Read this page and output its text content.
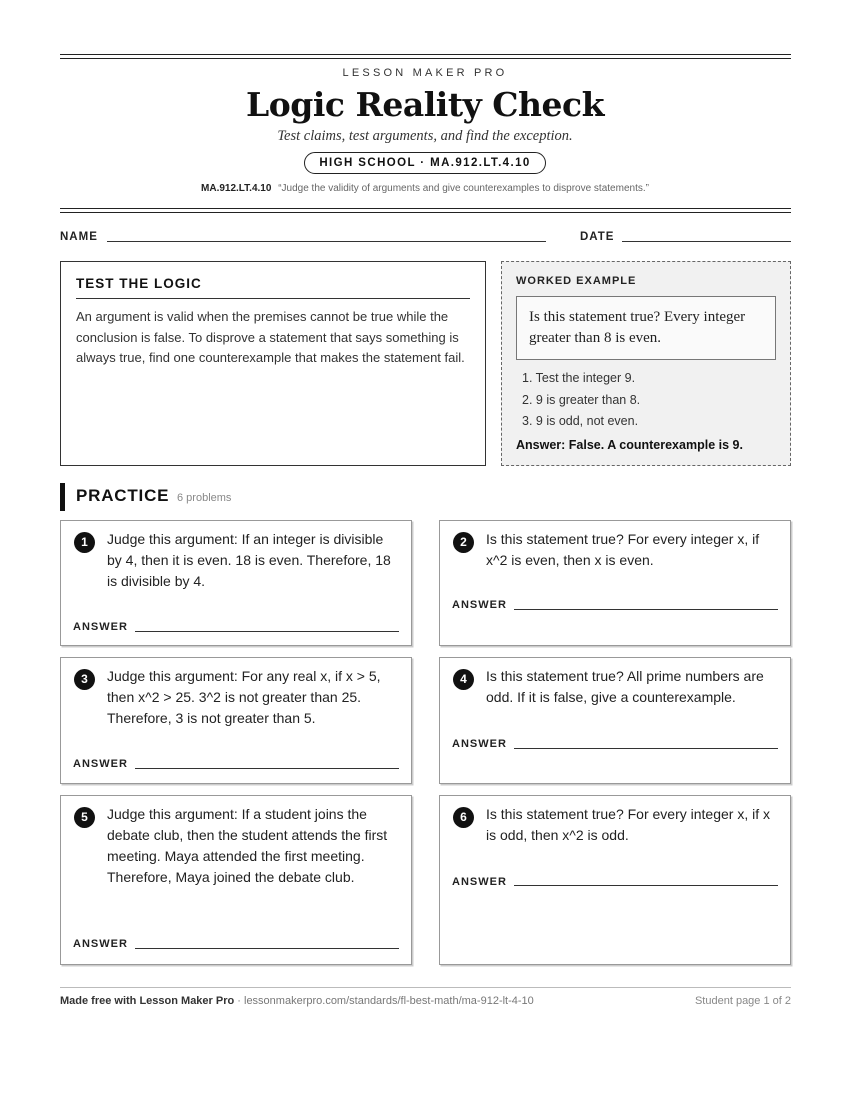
LESSON MAKER PRO
Logic Reality Check
Test claims, test arguments, and find the exception.
HIGH SCHOOL · MA.912.LT.4.10
MA.912.LT.4.10 “Judge the validity of arguments and give counterexamples to disprove statements.”
NAME	DATE
TEST THE LOGIC

An argument is valid when the premises cannot be true while the conclusion is false. To disprove a statement that says something is always true, find one counterexample that makes the statement fail.

WORKED EXAMPLE
Is this statement true? Every integer greater than 8 is even.
1. Test the integer 9.
2. 9 is greater than 8.
3. 9 is odd, not even.
Answer: False. A counterexample is 9.
PRACTICE 6 problems
1	Judge this argument: If an integer is divisible by 4, then it is even. 18 is even. Therefore, 18 is divisible by 4.
ANSWER
2	Is this statement true? For every integer x, if x^2 is even, then x is even.
ANSWER
3	Judge this argument: For any real x, if x > 5, then x^2 > 25. 3^2 is not greater than 25. Therefore, 3 is not greater than 5.
ANSWER
4	Is this statement true? All prime numbers are odd. If it is false, give a counterexample.
ANSWER
5	Judge this argument: If a student joins the debate club, then the student attends the first meeting. Maya attended the first meeting. Therefore, Maya joined the debate club.
ANSWER
6	Is this statement true? For every integer x, if x is odd, then x^2 is odd.
ANSWER
Made free with Lesson Maker Pro · lessonmakerpro.com/standards/fl-best-math/ma-912-lt-4-10	Student page 1 of 2
